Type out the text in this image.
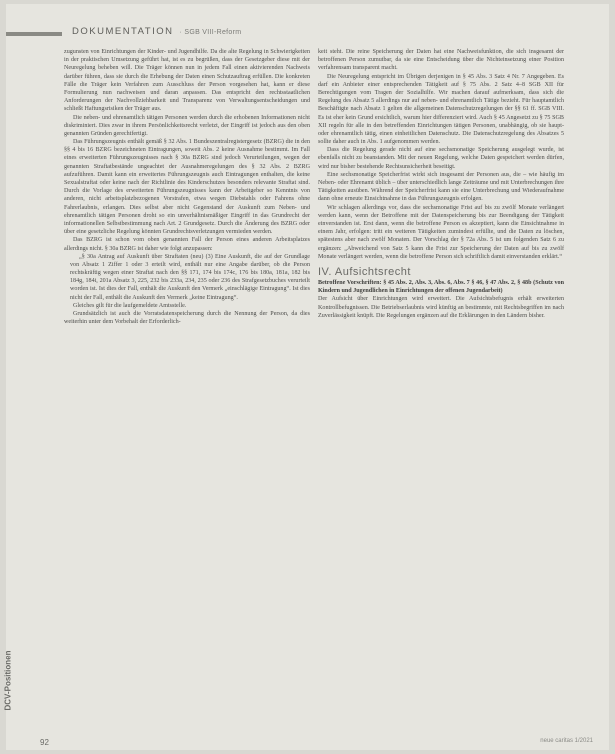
DOKUMENTATION · SGB VIII-Reform

zugunsten von Einrichtungen der Kinder- und Jugendhilfe. Da die alte Regelung in Schwierigkeiten in der praktischen Umsetzung geführt hat, ist es zu begrüßen, dass der Gesetzgeber diese mit der Neuregelung beheben will. Die Träger können nun in jedem Fall einen aktivierenden Nachweis darüber führen, dass sie durch die Erhebung der Daten einen Schutzauftrag erfüllen. Die konkreten Fälle die Träger kein Verfahren zum Ausschluss der Person vorgesehen hat, kann er diese Formulierung nun nachweisen und daran anpassen. Das entspricht den rechtsstaatlichen Anforderungen der Nachvollziehbarkeit und Transparenz von Verwaltungsentscheidungen und schließt Haftungsrisiken der Träger aus.

Die neben- und ehrenamtlich tätigen Personen werden durch die erhobenen Informationen nicht diskriminiert. Dies zwar in ihrem Persönlichkeitsrecht verletzt, der Eingriff ist jedoch aus den oben genannten Gründen gerechtfertigt.

Das Führungszeugnis enthält gemäß § 32 Abs. 1 Bundeszentralregistergesetz (BZRG) die in den §§ 4 bis 16 BZRG bezeichneten Eintragungen, soweit Abs. 2 keine Ausnahme bestimmt. Im Fall eines erweiterten Führungszeugnisses nach § 30a BZRG sind jedoch Verurteilungen, wegen der genannten Straftatbestände ungeachtet der Ausnahmeregelungen des § 32 Abs. 2 BZRG aufzuführen. Damit kann ein erweitertes Führungszeugnis auch Eintragungen enthalten, die keine Sexualstraftat oder keine nach der Richtlinie des Kinderschutzes besonders relevante Straftat sind. Durch die Vorlage des erweiterten Führungszeugnisses kann der Arbeitgeber so Kenntnis von anderen, nicht arbeitsplatzbezogenen Vorstrafen, etwa wegen Diebstahls oder Fahrens ohne Fahrerlaubnis, erlangen. Dies selbst aber nicht Gegenstand der Auskunft zum Neben- und ehrenamtlich tätigen Personen droht so ein unverhältnismäßiger Eingriff in das Grundrecht der informationellen Selbstbestimmung nach Art. 2 Grundgesetz. Durch die Änderung des BZRG oder über eine gesetzliche Regelung könnten Grundrechtsverletzungen vermieden werden.

Das BZRG ist schon vom oben genannten Fall der Person eines anderen Arbeitsplatzes allerdings nicht. § 30a BZRG ist daher wie folgt anzupassen:

„§ 30a Antrag auf Auskunft über Straftaten (neu) (3) Eine Auskunft, die auf der Grundlage von Absatz 1 Ziffer 1 oder 3 erteilt wird, enthält nur eine Angabe darüber, ob die Person rechtskräftig wegen einer Straftat nach den §§ 171, 174 bis 174c, 176 bis 180a, 181a, 182 bis 184g, 184i, 201a Absatz 3, 225, 232 bis 233a, 234, 235 oder 236 des Strafgesetzbuches verurteilt worden ist. Ist dies der Fall, enthält die Auskunft den Vermerk „einschlägige Eintragung“. Ist dies nicht der Fall, enthält die Auskunft den Vermerk „keine Eintragung“.

Gleiches gilt für die laufgemeldete Amtsstelle.

Grundsätzlich ist auch die Vorratsdatenspeicherung durch die Nennung der Person, da dies weiterhin unter dem Vorbehalt der Erforderlich-

keit steht. Die reine Speicherung der Daten hat eine Nachweisfunktion, die sich insgesamt der betroffenen Person zumutbar, da sie eine Entscheidung über die Nichteinsetzung einer Position verfahrensam transparent macht.

Die Neuregelung entspricht im Übrigen derjenigen in § 45 Abs. 3 Satz 4 Nr. 7 Angegeben. Es darf ein Anbieter einer entsprechenden Tätigkeit auf § 75 Abs. 2 Satz 4–8 SGB XII für Berechtigungen vom Tragen der Sozialhilfe. Wir machen darauf aufmerksam, dass sich die Regelung des Absatz 5 allerdings nur auf neben- und ehrenamtlich Tätige bezieht. Für hauptamtlich Beschäftigte nach Absatz 1 gelten die allgemeinen Datenschutzregelungen der §§ 61 ff. SGB VIII. Es ist eher kein Grund ersichtlich, warum hier differenziert wird. Auch § 45 Angesetzt zu § 75 SGB XII regeln für alle in den betreffenden Einrichtungen tätigen Personen, unabhängig, ob sie haupt- oder ehrenamtlich tätig, einen einheitlichen Datenschutz. Die Datenschutzregelung des Absatzes 5 sollte daher auch in Abs. 1 aufgenommen werden.

Dass die Regelung gerade nicht auf eine sechsmonatige Speicherung ausgelegt wurde, ist ebenfalls nicht zu beanstanden. Mit der neuen Regelung, welche Daten gespeichert werden dürfen, wird nur bisher bestehende Rechtsunsicherheit beseitigt.

Eine sechsmonatige Speicherfrist wirkt sich insgesamt der Personen aus, die – wie häufig im Neben- oder Ehrenamt üblich – über unterschiedlich lange Zeiträume und mit Unterbrechungen ihre Tätigkeiten ausüben. Während der Speicherfrist kann sie eine Unterbrechung und Wiederaufnahme dann ohne erneute Einsichtnahme in das Führungszeugnis erfolgen.

Wir schlagen allerdings vor, dass die sechsmonatige Frist auf bis zu zwölf Monate verlängert werden kann, wenn der Betroffene mit der Datenspeicherung bis zur Beendigung der Tätigkeit einverstanden ist. Erst dann, wenn die betroffene Person es akzeptiert, kann die Einsichtnahme in einem Jahr, erfolgen: tritt ein weiteren Tätigkeiten zumindest erfüllte, und die Daten zu löschen, spätestens aber nach zwölf Monaten. Der Vorschlag der § 72a Abs. 5 ist um folgenden Satz 6 zu ergänzen: „Abweichend von Satz 5 kann die Frist zur Speicherung der Daten auf bis zu zwölf Monate verlängert werden, wenn die betroffene Person sich schriftlich damit einverstanden erklärt.“

IV. Aufsichtsrecht

Betroffene Vorschriften: § 45 Abs. 2, Abs. 3, Abs. 6, Abs. 7 § 46, § 47 Abs. 2, § 48b (Schutz von Kindern und Jugendlichen in Einrichtungen der offenen Jugendarbeit)

Der Aufsicht über Einrichtungen wird erweitert. Die Aufsichtsbefugnis erhält erweiterten Kontrollbefugnissen. Die Betriebserlaubnis wird künftig an bestimmte, mit Rechtsbegriffen im nach Zuverlässigkeit knüpft. Die Regelungen ergänzen auf die Erklärungen in den Ländern bisher.

DCV-Positionen
92	neue caritas 1/2021
